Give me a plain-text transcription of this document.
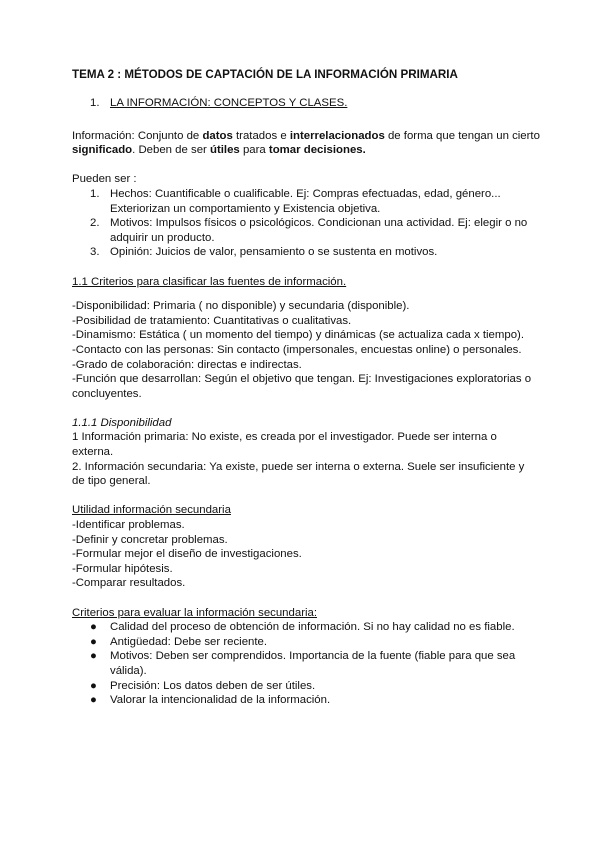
TEMA 2 : MÉTODOS DE CAPTACIÓN DE LA INFORMACIÓN PRIMARIA
1. LA INFORMACIÓN: CONCEPTOS Y CLASES.

Información: Conjunto de datos tratados e interrelacionados de forma que tengan un cierto significado. Deben de ser útiles para tomar decisiones.

Pueden ser :

1. Hechos: Cuantificable o cualificable. Ej: Compras efectuadas, edad, género... Exteriorizan un comportamiento y Existencia objetiva.
2. Motivos: Impulsos físicos o psicológicos. Condicionan una actividad. Ej: elegir o no adquirir un producto.
3. Opinión: Juicios de valor, pensamiento o se sustenta en motivos.

1.1 Criterios para clasificar las fuentes de información.

-Disponibilidad: Primaria ( no disponible) y secundaria (disponible).

-Posibilidad de tratamiento: Cuantitativas o cualitativas.

-Dinamismo: Estática ( un momento del tiempo) y dinámicas (se actualiza cada x tiempo).

-Contacto con las personas: Sin contacto (impersonales, encuestas online) o personales.

-Grado de colaboración: directas e indirectas.

-Función que desarrollan: Según el objetivo que tengan. Ej: Investigaciones exploratorias o concluyentes.

1.1.1 Disponibilidad

1 Información primaria: No existe, es creada por el investigador. Puede ser interna o externa.

2. Información secundaria: Ya existe, puede ser interna o externa. Suele ser insuficiente y de tipo general.

Utilidad información secundaria

-Identificar problemas.

-Definir y concretar problemas.

-Formular mejor el diseño de investigaciones.

-Formular hipótesis.

-Comparar resultados.

Criterios para evaluar la información secundaria:

●	Calidad del proceso de obtención de información. Si no hay calidad no es fiable.
●	Antigüedad: Debe ser reciente.
●	Motivos: Deben ser comprendidos. Importancia de la fuente (fiable para que sea válida).
●	Precisión: Los datos deben de ser útiles.
●	Valorar la intencionalidad de la información.
